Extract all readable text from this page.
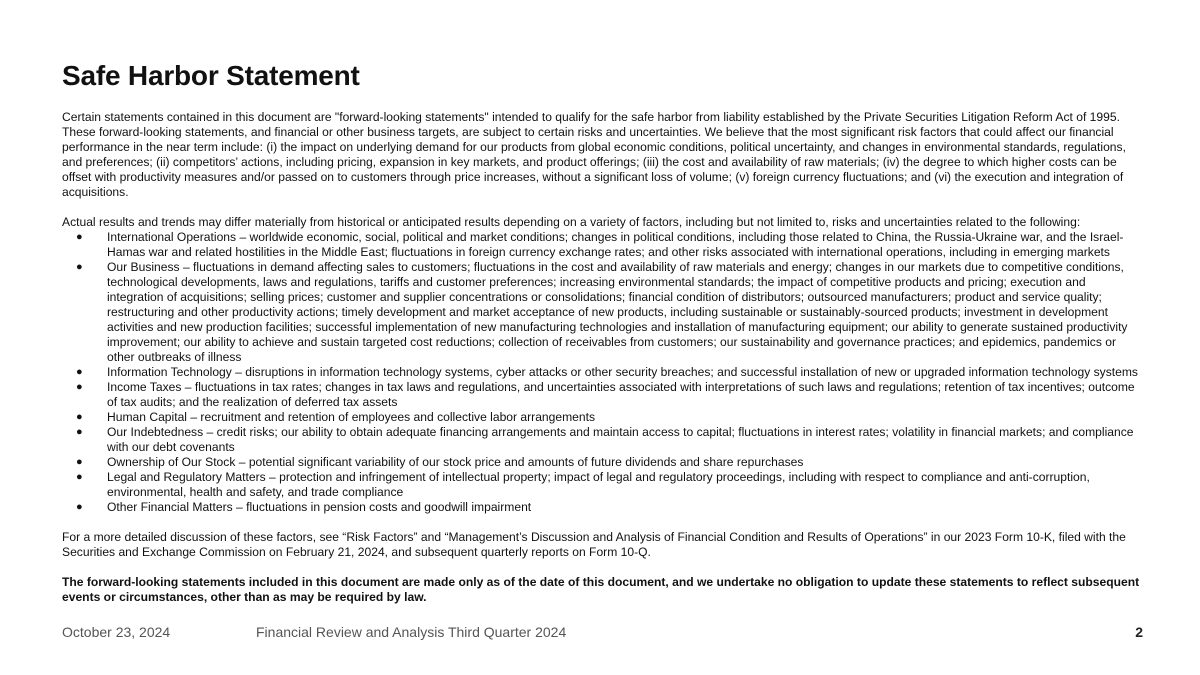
Safe Harbor Statement

Certain statements contained in this document are "forward-looking statements" intended to qualify for the safe harbor from liability established by the Private Securities Litigation Reform Act of 1995. These forward-looking statements, and financial or other business targets, are subject to certain risks and uncertainties. We believe that the most significant risk factors that could affect our financial performance in the near term include: (i) the impact on underlying demand for our products from global economic conditions, political uncertainty, and changes in environmental standards, regulations, and preferences; (ii) competitors’ actions, including pricing, expansion in key markets, and product offerings; (iii) the cost and availability of raw materials; (iv) the degree to which higher costs can be offset with productivity measures and/or passed on to customers through price increases, without a significant loss of volume; (v) foreign currency fluctuations; and (vi) the execution and integration of acquisitions.

Actual results and trends may differ materially from historical or anticipated results depending on a variety of factors, including but not limited to, risks and uncertainties related to the following:

● International Operations – worldwide economic, social, political and market conditions; changes in political conditions, including those related to China, the Russia-Ukraine war, and the Israel-Hamas war and related hostilities in the Middle East; fluctuations in foreign currency exchange rates; and other risks associated with international operations, including in emerging markets
● Our Business – fluctuations in demand affecting sales to customers; fluctuations in the cost and availability of raw materials and energy; changes in our markets due to competitive conditions, technological developments, laws and regulations, tariffs and customer preferences; increasing environmental standards; the impact of competitive products and pricing; execution and integration of acquisitions; selling prices; customer and supplier concentrations or consolidations; financial condition of distributors; outsourced manufacturers; product and service quality; restructuring and other productivity actions; timely development and market acceptance of new products, including sustainable or sustainably-sourced products; investment in development activities and new production facilities; successful implementation of new manufacturing technologies and installation of manufacturing equipment; our ability to generate sustained productivity improvement; our ability to achieve and sustain targeted cost reductions; collection of receivables from customers; our sustainability and governance practices; and epidemics, pandemics or other outbreaks of illness
● Information Technology – disruptions in information technology systems, cyber attacks or other security breaches; and successful installation of new or upgraded information technology systems
● Income Taxes – fluctuations in tax rates; changes in tax laws and regulations, and uncertainties associated with interpretations of such laws and regulations; retention of tax incentives; outcome of tax audits; and the realization of deferred tax assets
● Human Capital – recruitment and retention of employees and collective labor arrangements
● Our Indebtedness – credit risks; our ability to obtain adequate financing arrangements and maintain access to capital; fluctuations in interest rates; volatility in financial markets; and compliance with our debt covenants
● Ownership of Our Stock – potential significant variability of our stock price and amounts of future dividends and share repurchases
● Legal and Regulatory Matters – protection and infringement of intellectual property; impact of legal and regulatory proceedings, including with respect to compliance and anti-corruption, environmental, health and safety, and trade compliance
● Other Financial Matters – fluctuations in pension costs and goodwill impairment

For a more detailed discussion of these factors, see “Risk Factors” and “Management’s Discussion and Analysis of Financial Condition and Results of Operations” in our 2023 Form 10-K, filed with the Securities and Exchange Commission on February 21, 2024, and subsequent quarterly reports on Form 10-Q.

The forward-looking statements included in this document are made only as of the date of this document, and we undertake no obligation to update these statements to reflect subsequent events or circumstances, other than as may be required by law.

October 23, 2024	Financial Review and Analysis Third Quarter 2024	2
